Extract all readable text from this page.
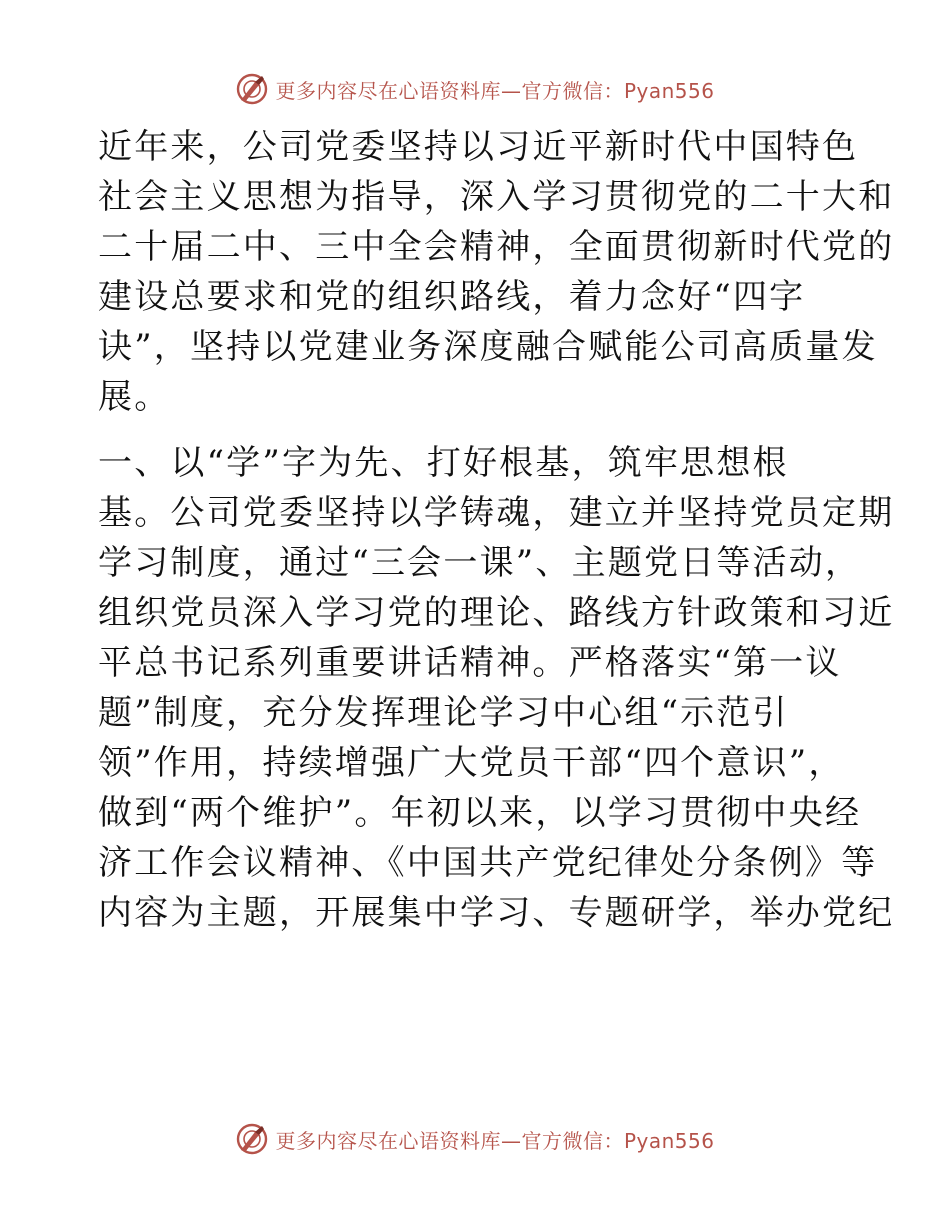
更多内容尽在心语资料库—官方微信：Pyan556
近年来，公司党委坚持以习近平新时代中国特色
社会主义思想为指导，深入学习贯彻党的二十大和
二十届二中、三中全会精神，全面贯彻新时代党的
建设总要求和党的组织路线，着力念好“四字
诀”，坚持以党建业务深度融合赋能公司高质量发
展。
一、以“学”字为先、打好根基，筑牢思想根
基。公司党委坚持以学铸魂，建立并坚持党员定期
学习制度，通过“三会一课”、主题党日等活动，
组织党员深入学习党的理论、路线方针政策和习近
平总书记系列重要讲话精神。严格落实“第一议
题”制度，充分发挥理论学习中心组“示范引
领”作用，持续增强广大党员干部“四个意识”，
做到“两个维护”。年初以来，以学习贯彻中央经
济工作会议精神、《中国共产党纪律处分条例》等
内容为主题，开展集中学习、专题研学，举办党纪
更多内容尽在心语资料库—官方微信：Pyan556
